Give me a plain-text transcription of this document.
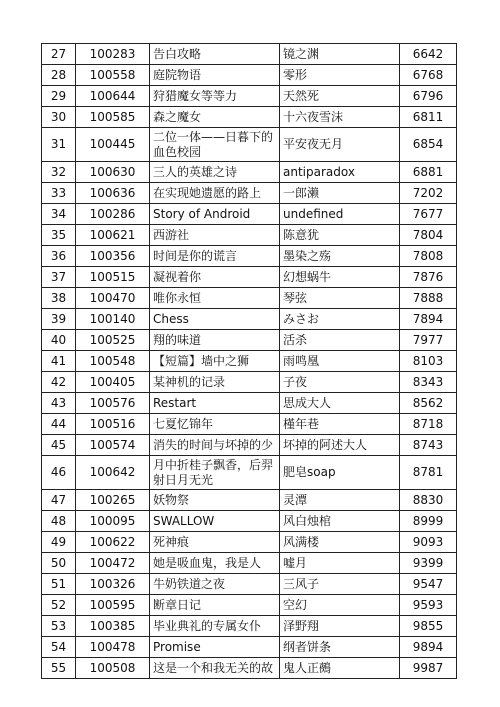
27	100283	告白攻略	镜之渊	6642
28	100558	庭院物语	零形	6768
29	100644	狩猎魔女等等力	天然死	6796
30	100585	森之魔女	十六夜雪沫	6811
31	100445	二位一体——日暮下的血色校园	平安夜无月	6854
32	100630	三人的英雄之诗	antiparadox	6881
33	100636	在实现她遗愿的路上	一郎濑	7202
34	100286	Story of Android	undefined	7677
35	100621	西游社	陈意犹	7804
36	100356	时间是你的谎言	墨染之殇	7808
37	100515	凝视着你	幻想蜗牛	7876
38	100470	唯你永恒	琴弦	7888
39	100140	Chess	みさお	7894
40	100525	翔的味道	活杀	7977
41	100548	【短篇】墙中之狮	雨鸣凰	8103
42	100405	某神机的记录	子夜	8343
43	100576	Restart	思成大人	8562
44	100516	七夏忆锦年	槿年巷	8718
45	100574	消失的时间与坏掉的少	坏掉的阿述大人	8743
46	100642	月中折桂子飘香，后羿射日月无光	肥皂soap	8781
47	100265	妖物祭	灵潭	8830
48	100095	SWALLOW	风白烛棺	8999
49	100622	死神痕	风满楼	9093
50	100472	她是吸血鬼，我是人	嘘月	9399
51	100326	牛奶铁道之夜	三风子	9547
52	100595	断章日记	空幻	9593
53	100385	毕业典礼的专属女仆	泽野翔	9855
54	100478	Promise	纲者饼条	9894
55	100508	这是一个和我无关的故	鬼人正鵺	9987
